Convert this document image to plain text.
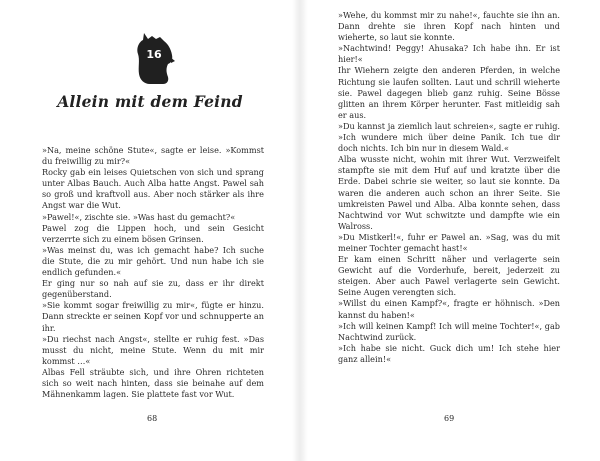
16
Allein mit dem Feind

»Na, meine schöne Stute«, sagte er leise. »Kommst du freiwillig zu mir?«

Rocky gab ein leises Quietschen von sich und sprang unter Albas Bauch. Auch Alba hatte Angst. Pawel sah so groß und kraftvoll aus. Aber noch stärker als ihre Angst war die Wut.

»Pawel!«, zischte sie. »Was hast du gemacht?«

Pawel zog die Lippen hoch, und sein Gesicht verzerrte sich zu einem bösen Grinsen.

»Was meinst du, was ich gemacht habe? Ich suche die Stute, die zu mir gehört. Und nun habe ich sie endlich gefunden.«

Er ging nur so nah auf sie zu, dass er ihr direkt gegenüberstand.

»Sie kommt sogar freiwillig zu mir«, fügte er hinzu. Dann streckte er seinen Kopf vor und schnupperte an ihr.

»Du riechst nach Angst«, stellte er ruhig fest. »Das musst du nicht, meine Stute. Wenn du mit mir kommst …«

Albas Fell sträubte sich, und ihre Ohren richteten sich so weit nach hinten, dass sie beinahe auf dem Mähnenkamm lagen. Sie plattete fast vor Wut.

68

»Wehe, du kommst mir zu nahe!«, fauchte sie ihn an. Dann drehte sie ihren Kopf nach hinten und wieherte, so laut sie konnte.

»Nachtwind! Peggy! Ahusaka? Ich habe ihn. Er ist hier!«

Ihr Wiehern zeigte den anderen Pferden, in welche Richtung sie laufen sollten. Laut und schrill wieherte sie. Pawel dagegen blieb ganz ruhig. Seine Bösse glitten an ihrem Körper herunter. Fast mitleidig sah er aus.

»Du kannst ja ziemlich laut schreien«, sagte er ruhig. »Ich wundere mich über deine Panik. Ich tue dir doch nichts. Ich bin nur in diesem Wald.«

Alba wusste nicht, wohin mit ihrer Wut. Verzweifelt stampfte sie mit dem Huf auf und kratzte über die Erde. Dabei schrie sie weiter, so laut sie konnte. Da waren die anderen auch schon an ihrer Seite. Sie umkreisten Pawel und Alba. Alba konnte sehen, dass Nachtwind vor Wut schwitzte und dampfte wie ein Walross.

»Du Mistkerl!«, fuhr er Pawel an. »Sag, was du mit meiner Tochter gemacht hast!«

Er kam einen Schritt näher und verlagerte sein Gewicht auf die Vorderhufe, bereit, jederzeit zu steigen. Aber auch Pawel verlagerte sein Gewicht. Seine Augen verengten sich.

»Willst du einen Kampf?«, fragte er höhnisch. »Den kannst du haben!«

»Ich will keinen Kampf! Ich will meine Tochter!«, gab Nachtwind zurück.

»Ich habe sie nicht. Guck dich um! Ich stehe hier ganz allein!«

69
